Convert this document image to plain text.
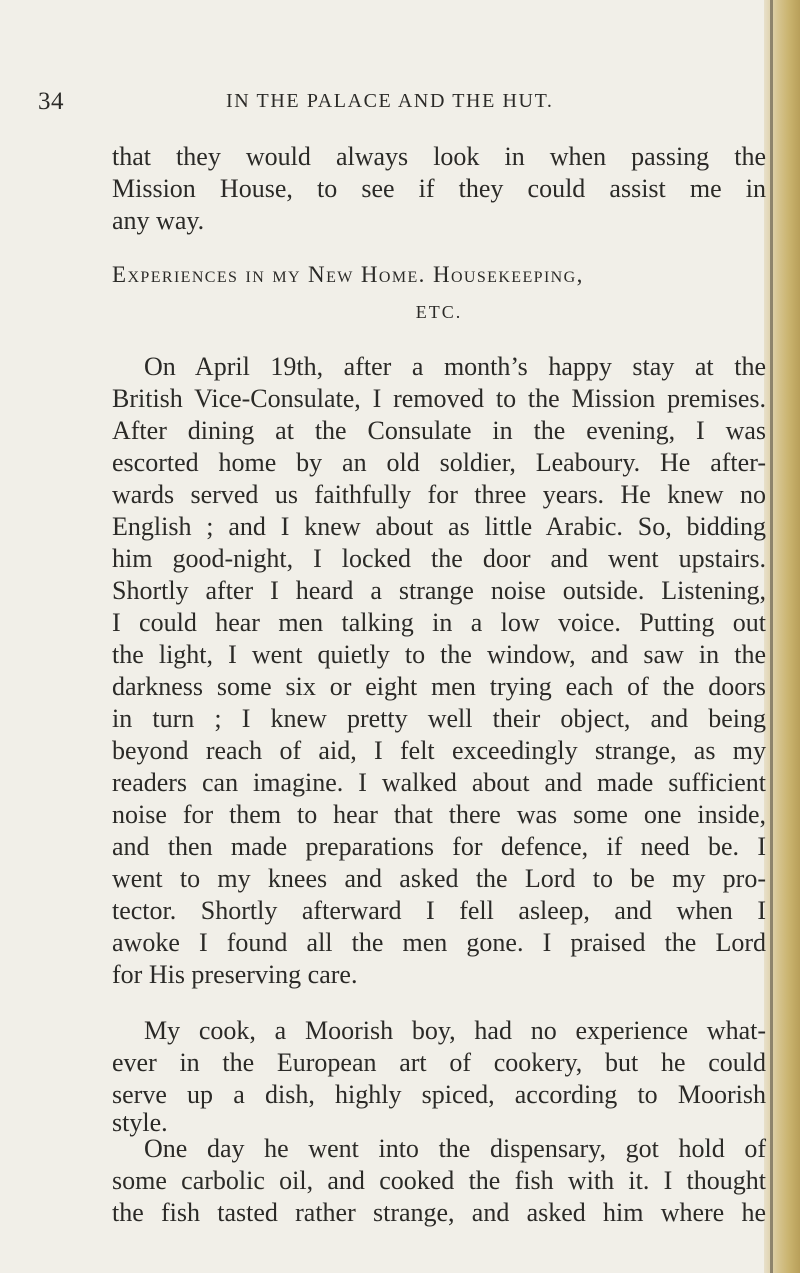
34	IN THE PALACE AND THE HUT.
that they would always look in when passing the
Mission House, to see if they could assist me in
any way.
Experiences in my New Home. Housekeeping,
ETC.
On April 19th, after a month’s happy stay at the
British Vice-Consulate, I removed to the Mission premises.
After dining at the Consulate in the evening, I was
escorted home by an old soldier, Leaboury. He after-
wards served us faithfully for three years. He knew no
English ; and I knew about as little Arabic. So, bidding
him good-night, I locked the door and went upstairs.
Shortly after I heard a strange noise outside. Listening,
I could hear men talking in a low voice. Putting out
the light, I went quietly to the window, and saw in the
darkness some six or eight men trying each of the doors
in turn ; I knew pretty well their object, and being
beyond reach of aid, I felt exceedingly strange, as my
readers can imagine. I walked about and made sufficient
noise for them to hear that there was some one inside,
and then made preparations for defence, if need be. I
went to my knees and asked the Lord to be my pro-
tector. Shortly afterward I fell asleep, and when I
awoke I found all the men gone. I praised the Lord
for His preserving care.
My cook, a Moorish boy, had no experience what-
ever in the European art of cookery, but he could
serve up a dish, highly spiced, according to Moorish
style.
One day he went into the dispensary, got hold of
some carbolic oil, and cooked the fish with it. I thought
the fish tasted rather strange, and asked him where he
